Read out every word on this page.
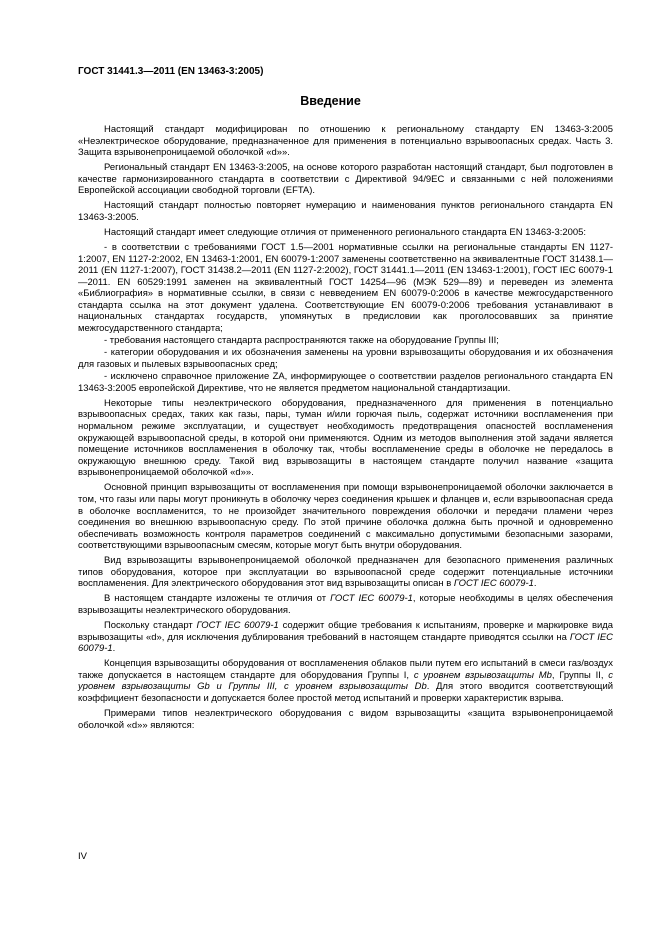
ГОСТ 31441.3—2011 (EN 13463-3:2005)
Введение

Настоящий стандарт модифицирован по отношению к региональному стандарту EN 13463-3:2005 «Неэлектрическое оборудование, предназначенное для применения в потенциально взрывоопасных средах. Часть 3. Защита взрывонепроницаемой оболочкой «d»».

Региональный стандарт EN 13463-3:2005, на основе которого разработан настоящий стандарт, был подготовлен в качестве гармонизированного стандарта в соответствии с Директивой 94/9EC и связанными с ней положениями Европейской ассоциации свободной торговли (EFTA).

Настоящий стандарт полностью повторяет нумерацию и наименования пунктов регионального стандарта EN 13463-3:2005.

Настоящий стандарт имеет следующие отличия от примененного регионального стандарта EN 13463-3:2005:

- в соответствии с требованиями ГОСТ 1.5—2001 нормативные ссылки на региональные стандарты EN 1127-1:2007, EN 1127-2:2002, EN 13463-1:2001, EN 60079-1:2007 заменены соответственно на эквивалентные ГОСТ 31438.1—2011 (EN 1127-1:2007), ГОСТ 31438.2—2011 (EN 1127-2:2002), ГОСТ 31441.1—2011 (EN 13463-1:2001), ГОСТ IEC 60079-1—2011. EN 60529:1991 заменен на эквивалентный ГОСТ 14254—96 (МЭК 529—89) и переведен из элемента «Библиография» в нормативные ссылки, в связи с невведением EN 60079-0:2006 в качестве межгосударственного стандарта ссылка на этот документ удалена. Соответствующие EN 60079-0:2006 требования устанавливают в национальных стандартах государств, упомянутых в предисловии как проголосовавших за принятие межгосударственного стандарта;

- требования настоящего стандарта распространяются также на оборудование Группы III;

- категории оборудования и их обозначения заменены на уровни взрывозащиты оборудования и их обозначения для газовых и пылевых взрывоопасных сред;

- исключено справочное приложение ZA, информирующее о соответствии разделов регионального стандарта EN 13463-3:2005 европейской Директиве, что не является предметом национальной стандартизации.

Некоторые типы неэлектрического оборудования, предназначенного для применения в потенциально взрывоопасных средах, таких как газы, пары, туман и/или горючая пыль, содержат источники воспламенения при нормальном режиме эксплуатации, и существует необходимость предотвращения опасностей воспламенения окружающей взрывоопасной среды, в которой они применяются. Одним из методов выполнения этой задачи является помещение источников воспламенения в оболочку так, чтобы воспламенение среды в оболочке не передалось в окружающую внешнюю среду. Такой вид взрывозащиты в настоящем стандарте получил название «защита взрывонепроницаемой оболочкой «d»».

Основной принцип взрывозащиты от воспламенения при помощи взрывонепроницаемой оболочки заключается в том, что газы или пары могут проникнуть в оболочку через соединения крышек и фланцев и, если взрывоопасная среда в оболочке воспламенится, то не произойдет значительного повреждения оболочки и передачи пламени через соединения во внешнюю взрывоопасную среду. По этой причине оболочка должна быть прочной и одновременно обеспечивать возможность контроля параметров соединений с максимально допустимыми безопасными зазорами, соответствующими взрывоопасным смесям, которые могут быть внутри оборудования.

Вид взрывозащиты взрывонепроницаемой оболочкой предназначен для безопасного применения различных типов оборудования, которое при эксплуатации во взрывоопасной среде содержит потенциальные источники воспламенения. Для электрического оборудования этот вид взрывозащиты описан в ГОСТ IEC 60079-1.

В настоящем стандарте изложены те отличия от ГОСТ IEC 60079-1, которые необходимы в целях обеспечения взрывозащиты неэлектрического оборудования.

Поскольку стандарт ГОСТ IEC 60079-1 содержит общие требования к испытаниям, проверке и маркировке вида взрывозащиты «d», для исключения дублирования требований в настоящем стандарте приводятся ссылки на ГОСТ IEC 60079-1.

Концепция взрывозащиты оборудования от воспламенения облаков пыли путем его испытаний в смеси газ/воздух также допускается в настоящем стандарте для оборудования Группы I, с уровнем взрывозащиты Mb, Группы II, с уровнем взрывозащиты Gb и Группы III, с уровнем взрывозащиты Db. Для этого вводится соответствующий коэффициент безопасности и допускается более простой метод испытаний и проверки характеристик взрыва.

Примерами типов неэлектрического оборудования с видом взрывозащиты «защита взрывонепроницаемой оболочкой «d»» являются:

IV
